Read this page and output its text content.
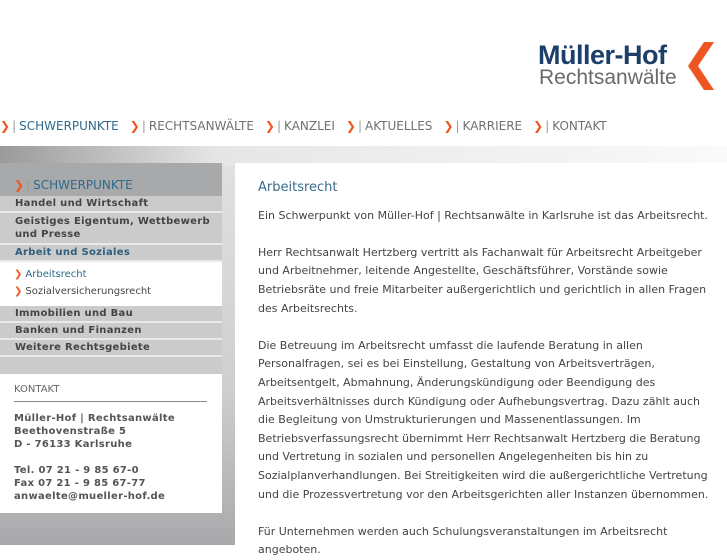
Müller-Hof
Rechtsanwälte
❯ | SCHWERPUNKTE ❯ | RECHTSANWÄLTE ❯ | KANZLEI ❯ | AKTUELLES ❯ | KARRIERE ❯ | KONTAKT
❯ | SCHWERPUNKTE
Handel und Wirtschaft
Geistiges Eigentum, Wettbewerb und Presse
Arbeit und Soziales
❯ Arbeitsrecht
❯ Sozialversicherungsrecht
Immobilien und Bau
Banken und Finanzen
Weitere Rechtsgebiete
KONTAKT

Müller-Hof | Rechtsanwälte

Beethovenstraße 5

D - 76133 Karlsruhe

Tel. 07 21 - 9 85 67-0

Fax 07 21 - 9 85 67-77

anwaelte@mueller-hof.de

Arbeitsrecht

Ein Schwerpunkt von Müller-Hof | Rechtsanwälte in Karlsruhe ist das Arbeitsrecht.

Herr Rechtsanwalt Hertzberg vertritt als Fachanwalt für Arbeitsrecht Arbeitgeber und Arbeitnehmer, leitende Angestellte, Geschäftsführer, Vorstände sowie Betriebsräte und freie Mitarbeiter außergerichtlich und gerichtlich in allen Fragen des Arbeitsrechts.

Die Betreuung im Arbeitsrecht umfasst die laufende Beratung in allen Personalfragen, sei es bei Einstellung, Gestaltung von Arbeitsverträgen, Arbeitsentgelt, Abmahnung, Änderungskündigung oder Beendigung des Arbeitsverhältnisses durch Kündigung oder Aufhebungsvertrag. Dazu zählt auch die Begleitung von Umstrukturierungen und Massenentlassungen. Im Betriebsverfassungsrecht übernimmt Herr Rechtsanwalt Hertzberg die Beratung und Vertretung in sozialen und personellen Angelegenheiten bis hin zu Sozialplanverhandlungen. Bei Streitigkeiten wird die außergerichtliche Vertretung und die Prozessvertretung vor den Arbeitsgerichten aller Instanzen übernommen.

Für Unternehmen werden auch Schulungsveranstaltungen im Arbeitsrecht angeboten.
